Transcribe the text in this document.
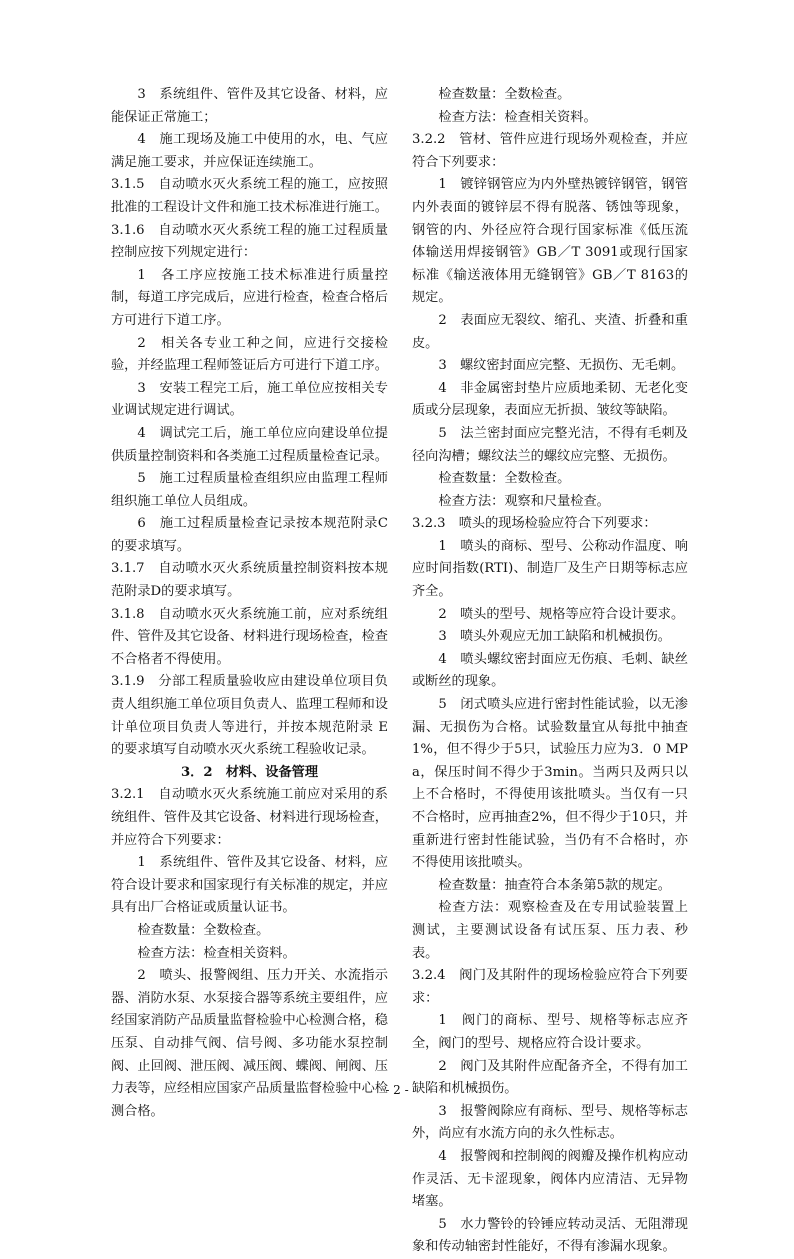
3　系统组件、管件及其它设备、材料，应能保证正常施工；

4　施工现场及施工中使用的水，电、气应满足施工要求，并应保证连续施工。

3.1.5　自动喷水灭火系统工程的施工，应按照批准的工程设计文件和施工技术标准进行施工。

3.1.6　自动喷水灭火系统工程的施工过程质量控制应按下列规定进行：

1　各工序应按施工技术标准进行质量控制，每道工序完成后，应进行检查，检查合格后方可进行下道工序。

2　相关各专业工种之间，应进行交接检验，并经监理工程师签证后方可进行下道工序。

3　安装工程完工后，施工单位应按相关专业调试规定进行调试。

4　调试完工后，施工单位应向建设单位提供质量控制资料和各类施工过程质量检查记录。

5　施工过程质量检查组织应由监理工程师组织施工单位人员组成。

6　施工过程质量检查记录按本规范附录C的要求填写。

3.1.7　自动喷水灭火系统质量控制资料按本规范附录D的要求填写。

3.1.8　自动喷水灭火系统施工前，应对系统组件、管件及其它设备、材料进行现场检查，检查不合格者不得使用。

3.1.9　分部工程质量验收应由建设单位项目负责人组织施工单位项目负责人、监理工程师和设计单位项目负责人等进行，并按本规范附录 E 的要求填写自动喷水灭火系统工程验收记录。

3．2　材料、设备管理

3.2.1　自动喷水灭火系统施工前应对采用的系统组件、管件及其它设备、材料进行现场检查，并应符合下列要求：

1　系统组件、管件及其它设备、材料，应符合设计要求和国家现行有关标准的规定，并应具有出厂合格证或质量认证书。

检查数量：全数检查。

检查方法：检查相关资料。

2　喷头、报警阀组、压力开关、水流指示器、消防水泵、水泵接合器等系统主要组件，应经国家消防产品质量监督检验中心检测合格，稳压泵、自动排气阀、信号阀、多功能水泵控制阀、止回阀、泄压阀、减压阀、蝶阀、闸阀、压力表等，应经相应国家产品质量监督检验中心检测合格。

检查数量：全数检查。

检查方法：检查相关资料。

3.2.2　管材、管件应进行现场外观检查，并应符合下列要求：

1　镀锌钢管应为内外壁热镀锌钢管，钢管内外表面的镀锌层不得有脱落、锈蚀等现象，钢管的内、外径应符合现行国家标准《低压流体输送用焊接钢管》GB／T 3091或现行国家标准《输送液体用无缝钢管》GB／T 8163的规定。

2　表面应无裂纹、缩孔、夹渣、折叠和重皮。

3　螺纹密封面应完整、无损伤、无毛刺。

4　非金属密封垫片应质地柔韧、无老化变质或分层现象，表面应无折损、皱纹等缺陷。

5　法兰密封面应完整光洁，不得有毛刺及径向沟槽；螺纹法兰的螺纹应完整、无损伤。

检查数量：全数检查。

检查方法：观察和尺量检查。

3.2.3　喷头的现场检验应符合下列要求：

1　喷头的商标、型号、公称动作温度、响应时间指数(RTI)、制造厂及生产日期等标志应齐全。

2　喷头的型号、规格等应符合设计要求。

3　喷头外观应无加工缺陷和机械损伤。

4　喷头螺纹密封面应无伤痕、毛刺、缺丝或断丝的现象。

5　闭式喷头应进行密封性能试验，以无渗漏、无损伤为合格。试验数量宜从每批中抽查1%，但不得少于5只，试验压力应为3．0 MPa，保压时间不得少于3min。当两只及两只以上不合格时，不得使用该批喷头。当仅有一只不合格时，应再抽查2%，但不得少于10只，并重新进行密封性能试验，当仍有不合格时，亦不得使用该批喷头。

检查数量：抽查符合本条第5款的规定。

检查方法：观察检查及在专用试验装置上测试，主要测试设备有试压泵、压力表、秒表。

3.2.4　阀门及其附件的现场检验应符合下列要求：

1　阀门的商标、型号、规格等标志应齐全，阀门的型号、规格应符合设计要求。

2　阀门及其附件应配备齐全，不得有加工缺陷和机械损伤。

3　报警阀除应有商标、型号、规格等标志外，尚应有水流方向的永久性标志。

4　报警阀和控制阀的阀瓣及操作机构应动作灵活、无卡涩现象，阀体内应清洁、无异物堵塞。

5　水力警铃的铃锤应转动灵活、无阻滞现象和传动轴密封性能好，不得有渗漏水现象。

- 2 -
